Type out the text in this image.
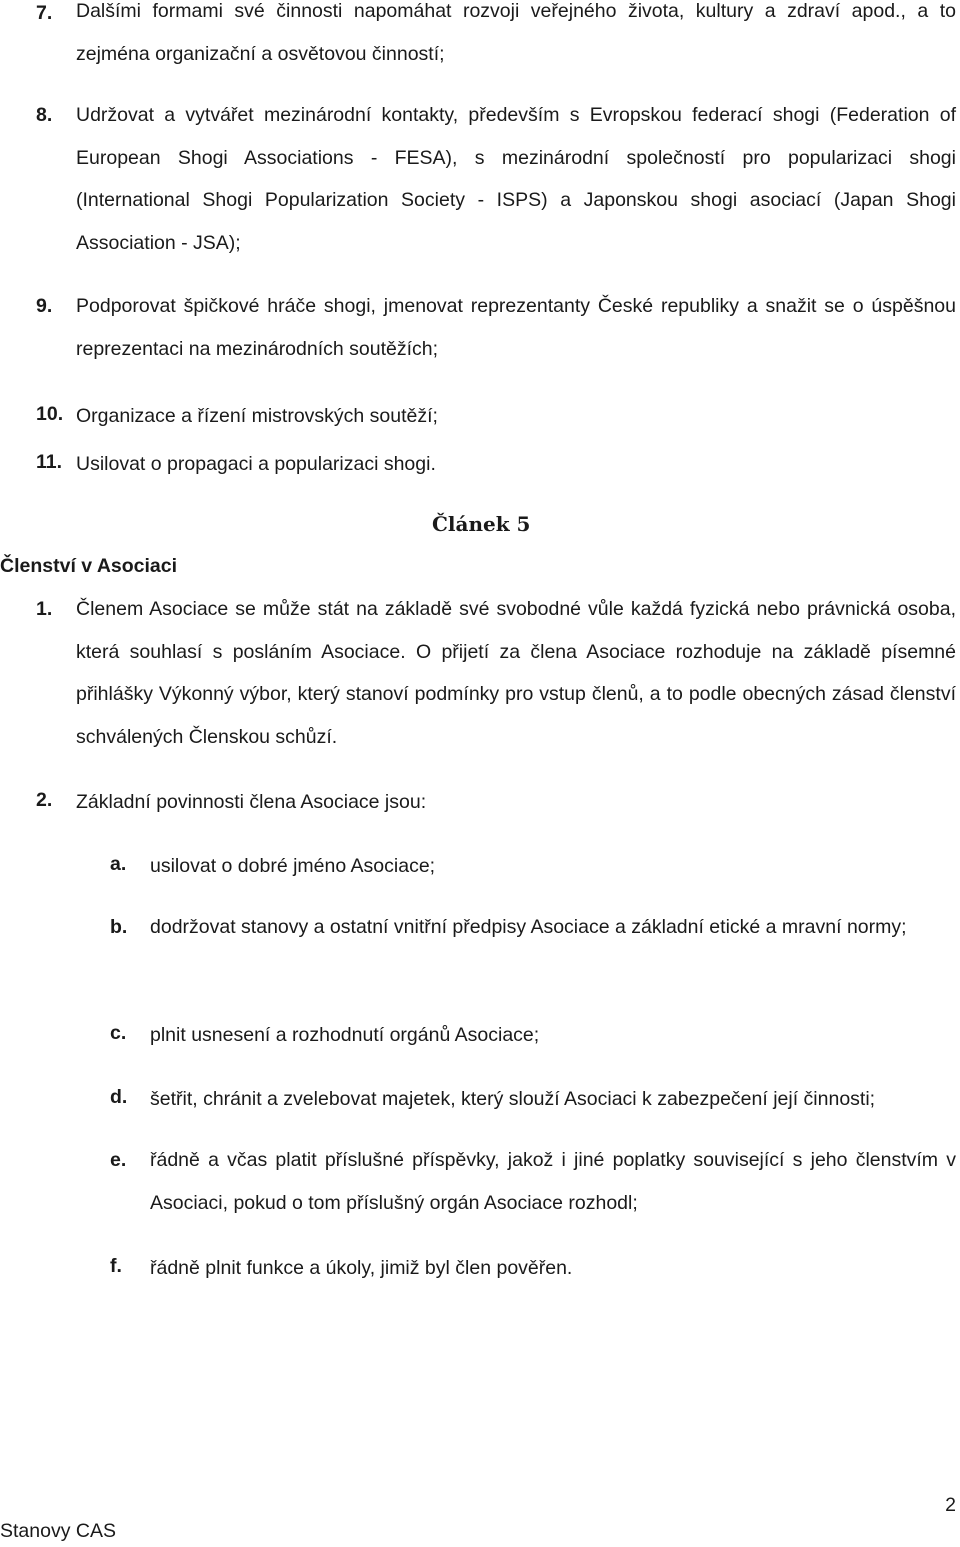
7. Dalšími formami své činnosti napomáhat rozvoji veřejného života, kultury a zdraví apod., a to zejména organizační a osvětovou činností;
8. Udržovat a vytvářet mezinárodní kontakty, především s Evropskou federací shogi (Federation of European Shogi Associations - FESA), s mezinárodní společností pro popularizaci shogi (International Shogi Popularization Society - ISPS) a Japonskou shogi asociací (Japan Shogi Association - JSA);
9. Podporovat špičkové hráče shogi, jmenovat reprezentanty České republiky a snažit se o úspěšnou reprezentaci na mezinárodních soutěžích;
10. Organizace a řízení mistrovských soutěží;
11. Usilovat o propagaci a popularizaci shogi.
Článek 5
Členství v Asociaci
1. Členem Asociace se může stát na základě své svobodné vůle každá fyzická nebo právnická osoba, která souhlasí s posláním Asociace. O přijetí za člena Asociace rozhoduje na základě písemné přihlášky Výkonný výbor, který stanoví podmínky pro vstup členů, a to podle obecných zásad členství schválených Členskou schůzí.
2. Základní povinnosti člena Asociace jsou:
a. usilovat o dobré jméno Asociace;
b. dodržovat stanovy a ostatní vnitřní předpisy Asociace a základní etické a mravní normy;
c. plnit usnesení a rozhodnutí orgánů Asociace;
d. šetřit, chránit a zvelebovat majetek, který slouží Asociaci k zabezpečení její činnosti;
e. řádně a včas platit příslušné příspěvky, jakož i jiné poplatky související s jeho členstvím v Asociaci, pokud o tom příslušný orgán Asociace rozhodl;
f. řádně plnit funkce a úkoly, jimiž byl člen pověřen.
2
Stanovy CAS
